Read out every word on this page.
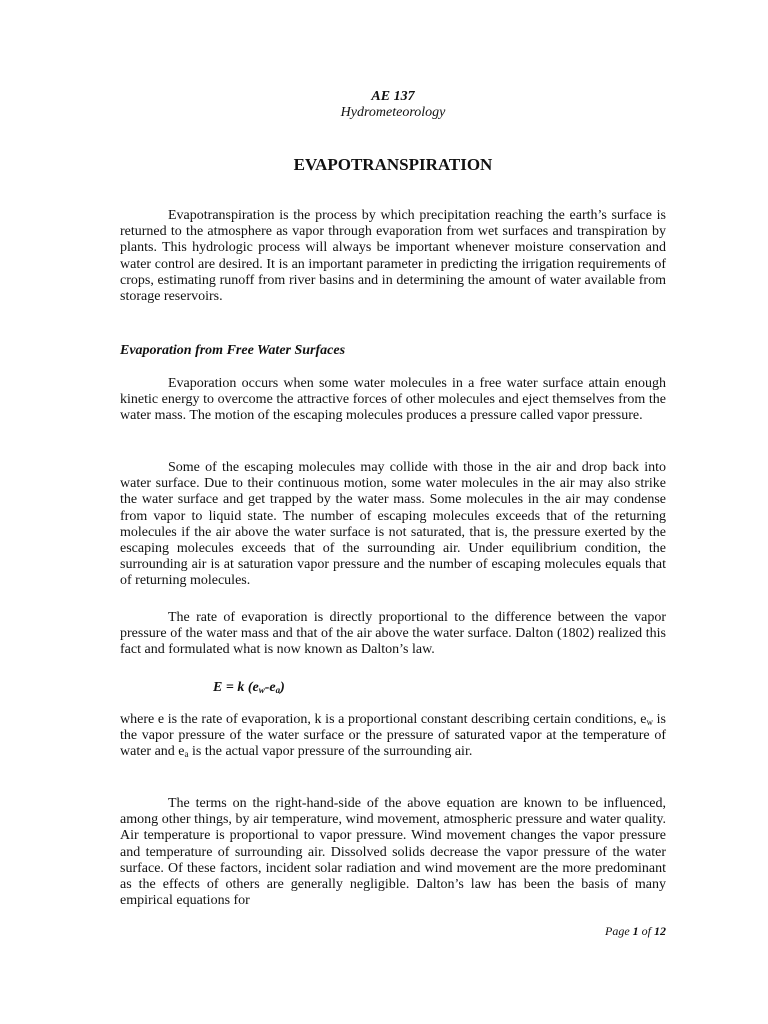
AE 137
Hydrometeorology
EVAPOTRANSPIRATION

Evapotranspiration is the process by which precipitation reaching the earth’s surface is returned to the atmosphere as vapor through evaporation from wet surfaces and transpiration by plants. This hydrologic process will always be important whenever moisture conservation and water control are desired. It is an important parameter in predicting the irrigation requirements of crops, estimating runoff from river basins and in determining the amount of water available from storage reservoirs.

Evaporation from Free Water Surfaces

Evaporation occurs when some water molecules in a free water surface attain enough kinetic energy to overcome the attractive forces of other molecules and eject themselves from the water mass. The motion of the escaping molecules produces a pressure called vapor pressure.

Some of the escaping molecules may collide with those in the air and drop back into water surface. Due to their continuous motion, some water molecules in the air may also strike the water surface and get trapped by the water mass. Some molecules in the air may condense from vapor to liquid state. The number of escaping molecules exceeds that of the returning molecules if the air above the water surface is not saturated, that is, the pressure exerted by the escaping molecules exceeds that of the surrounding air. Under equilibrium condition, the surrounding air is at saturation vapor pressure and the number of escaping molecules equals that of returning molecules.

The rate of evaporation is directly proportional to the difference between the vapor pressure of the water mass and that of the air above the water surface. Dalton (1802) realized this fact and formulated what is now known as Dalton’s law.

E = k $(e_w-e_a)$

where e is the rate of evaporation, k is a proportional constant describing certain conditions, $e_w$ is the vapor pressure of the water surface or the pressure of saturated vapor at the temperature of water and $e_a$ is the actual vapor pressure of the surrounding air.

The terms on the right-hand-side of the above equation are known to be influenced, among other things, by air temperature, wind movement, atmospheric pressure and water quality. Air temperature is proportional to vapor pressure. Wind movement changes the vapor pressure and temperature of surrounding air. Dissolved solids decrease the vapor pressure of the water surface. Of these factors, incident solar radiation and wind movement are the more predominant as the effects of others are generally negligible. Dalton’s law has been the basis of many empirical equations for

Page 1 of 12
